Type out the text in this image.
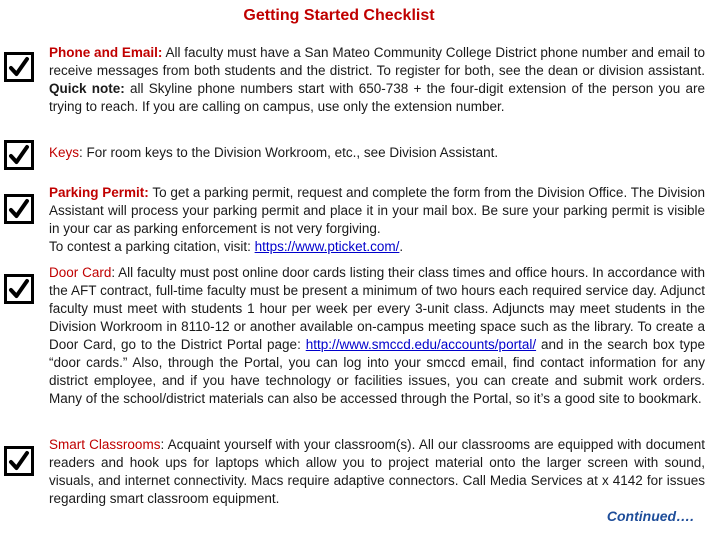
Getting Started Checklist
Phone and Email: All faculty must have a San Mateo Community College District phone number and email to receive messages from both students and the district. To register for both, see the dean or division assistant. Quick note: all Skyline phone numbers start with 650-738 + the four-digit extension of the person you are trying to reach. If you are calling on campus, use only the extension number.
Keys: For room keys to the Division Workroom, etc., see Division Assistant.
Parking Permit: To get a parking permit, request and complete the form from the Division Office. The Division Assistant will process your parking permit and place it in your mail box. Be sure your parking permit is visible in your car as parking enforcement is not very forgiving.
To contest a parking citation, visit: https://www.pticket.com/.
Door Card: All faculty must post online door cards listing their class times and office hours. In accordance with the AFT contract, full-time faculty must be present a minimum of two hours each required service day. Adjunct faculty must meet with students 1 hour per week per every 3-unit class. Adjuncts may meet students in the Division Workroom in 8110-12 or another available on-campus meeting space such as the library. To create a Door Card, go to the District Portal page: http://www.smccd.edu/accounts/portal/ and in the search box type “door cards.” Also, through the Portal, you can log into your smccd email, find contact information for any district employee, and if you have technology or facilities issues, you can create and submit work orders. Many of the school/district materials can also be accessed through the Portal, so it’s a good site to bookmark.
Smart Classrooms: Acquaint yourself with your classroom(s). All our classrooms are equipped with document readers and hook ups for laptops which allow you to project material onto the larger screen with sound, visuals, and internet connectivity. Macs require adaptive connectors. Call Media Services at x 4142 for issues regarding smart classroom equipment.
Continued….
